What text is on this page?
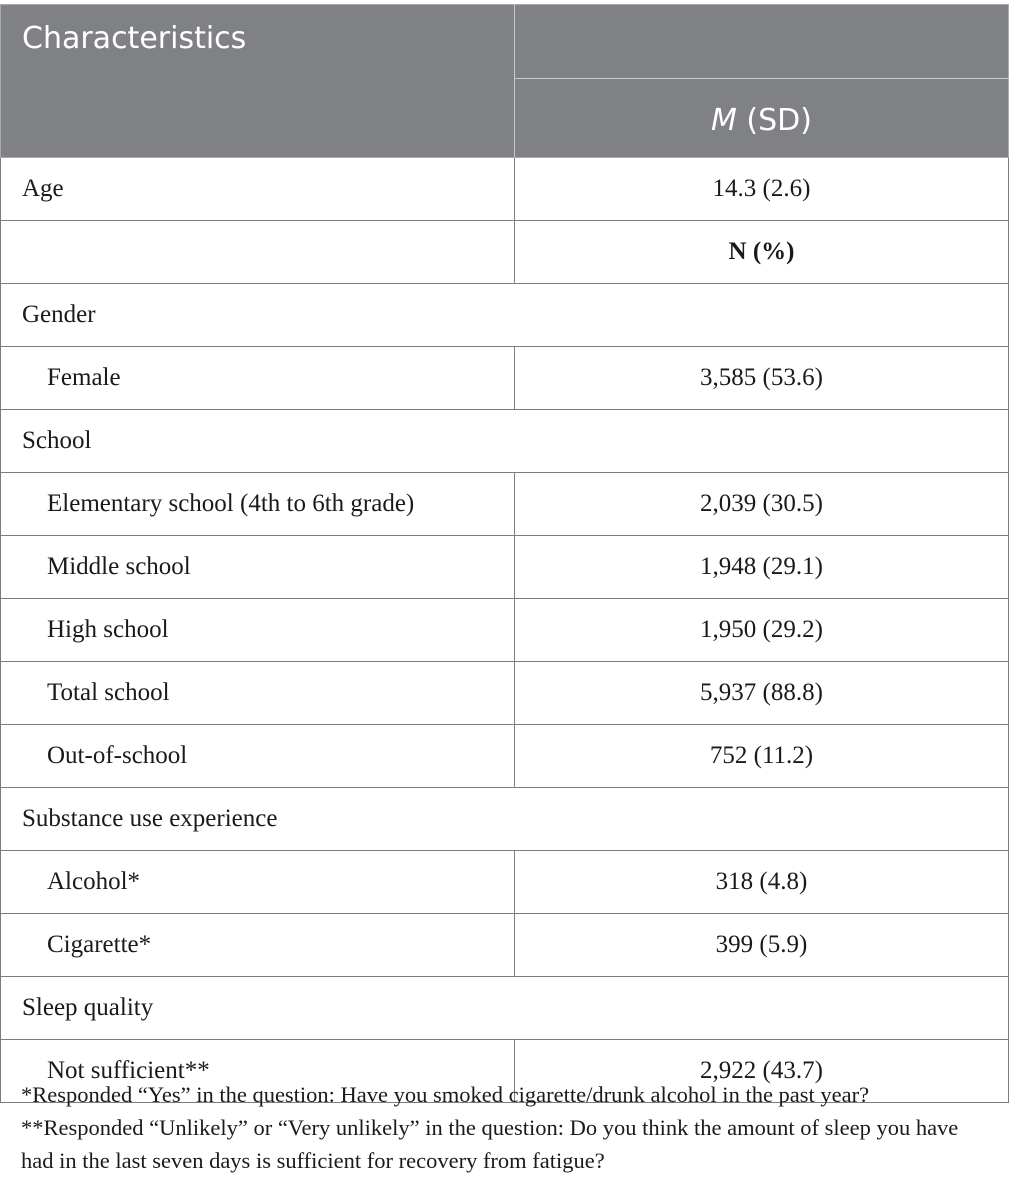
Characteristics	
	M (SD)
Age	14.3 (2.6)
	N (%)
Gender	
Female	3,585 (53.6)
School	
Elementary school (4th to 6th grade)	2,039 (30.5)
Middle school	1,948 (29.1)
High school	1,950 (29.2)
Total school	5,937 (88.8)
Out-of-school	752 (11.2)
Substance use experience	
Alcohol*	318 (4.8)
Cigarette*	399 (5.9)
Sleep quality	
Not sufficient**	2,922 (43.7)
*Responded “Yes” in the question: Have you smoked cigarette/drunk alcohol in the past year? **Responded “Unlikely” or “Very unlikely” in the question: Do you think the amount of sleep you have had in the last seven days is sufficient for recovery from fatigue?
